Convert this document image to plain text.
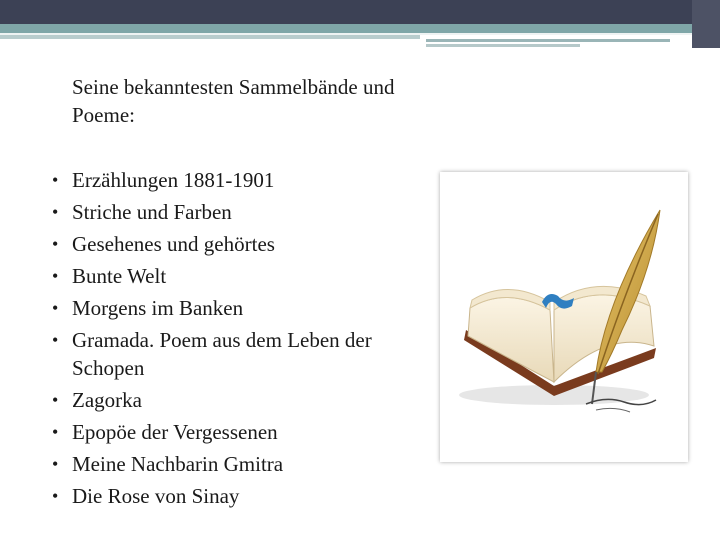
Seine bekanntesten Sammelbände und Poeme:
• Erzählungen 1881-1901
• Striche und Farben
• Gesehenes und gehörtes
• Bunte Welt
• Morgens im Banken
• Gramada. Poem aus dem Leben der Schopen
• Zagorka
• Epopöe der Vergessenen
• Meine Nachbarin Gmitra
• Die Rose von Sinay
